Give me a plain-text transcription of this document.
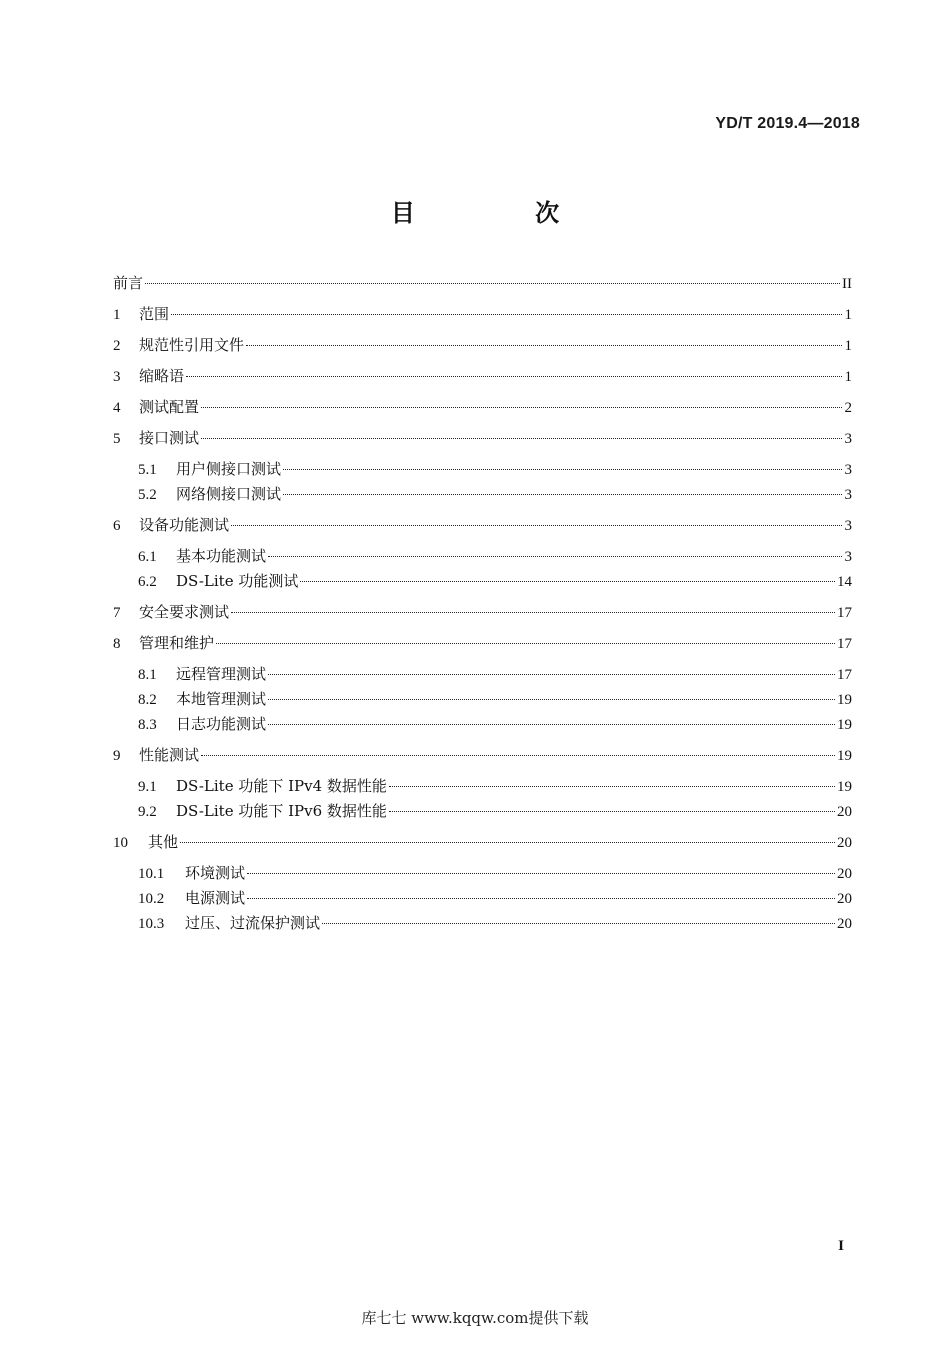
YD/T 2019.4—2018
目 次
前言	II
1	范围	1
2	规范性引用文件	1
3	缩略语	1
4	测试配置	2
5	接口测试	3
5.1	用户侧接口测试	3
5.2	网络侧接口测试	3
6	设备功能测试	3
6.1	基本功能测试	3
6.2	DS-Lite 功能测试	14
7	安全要求测试	17
8	管理和维护	17
8.1	远程管理测试	17
8.2	本地管理测试	19
8.3	日志功能测试	19
9	性能测试	19
9.1	DS-Lite 功能下 IPv4 数据性能	19
9.2	DS-Lite 功能下 IPv6 数据性能	20
10	其他	20
10.1	环境测试	20
10.2	电源测试	20
10.3	过压、过流保护测试	20
I
库七七 www.kqqw.com提供下载
